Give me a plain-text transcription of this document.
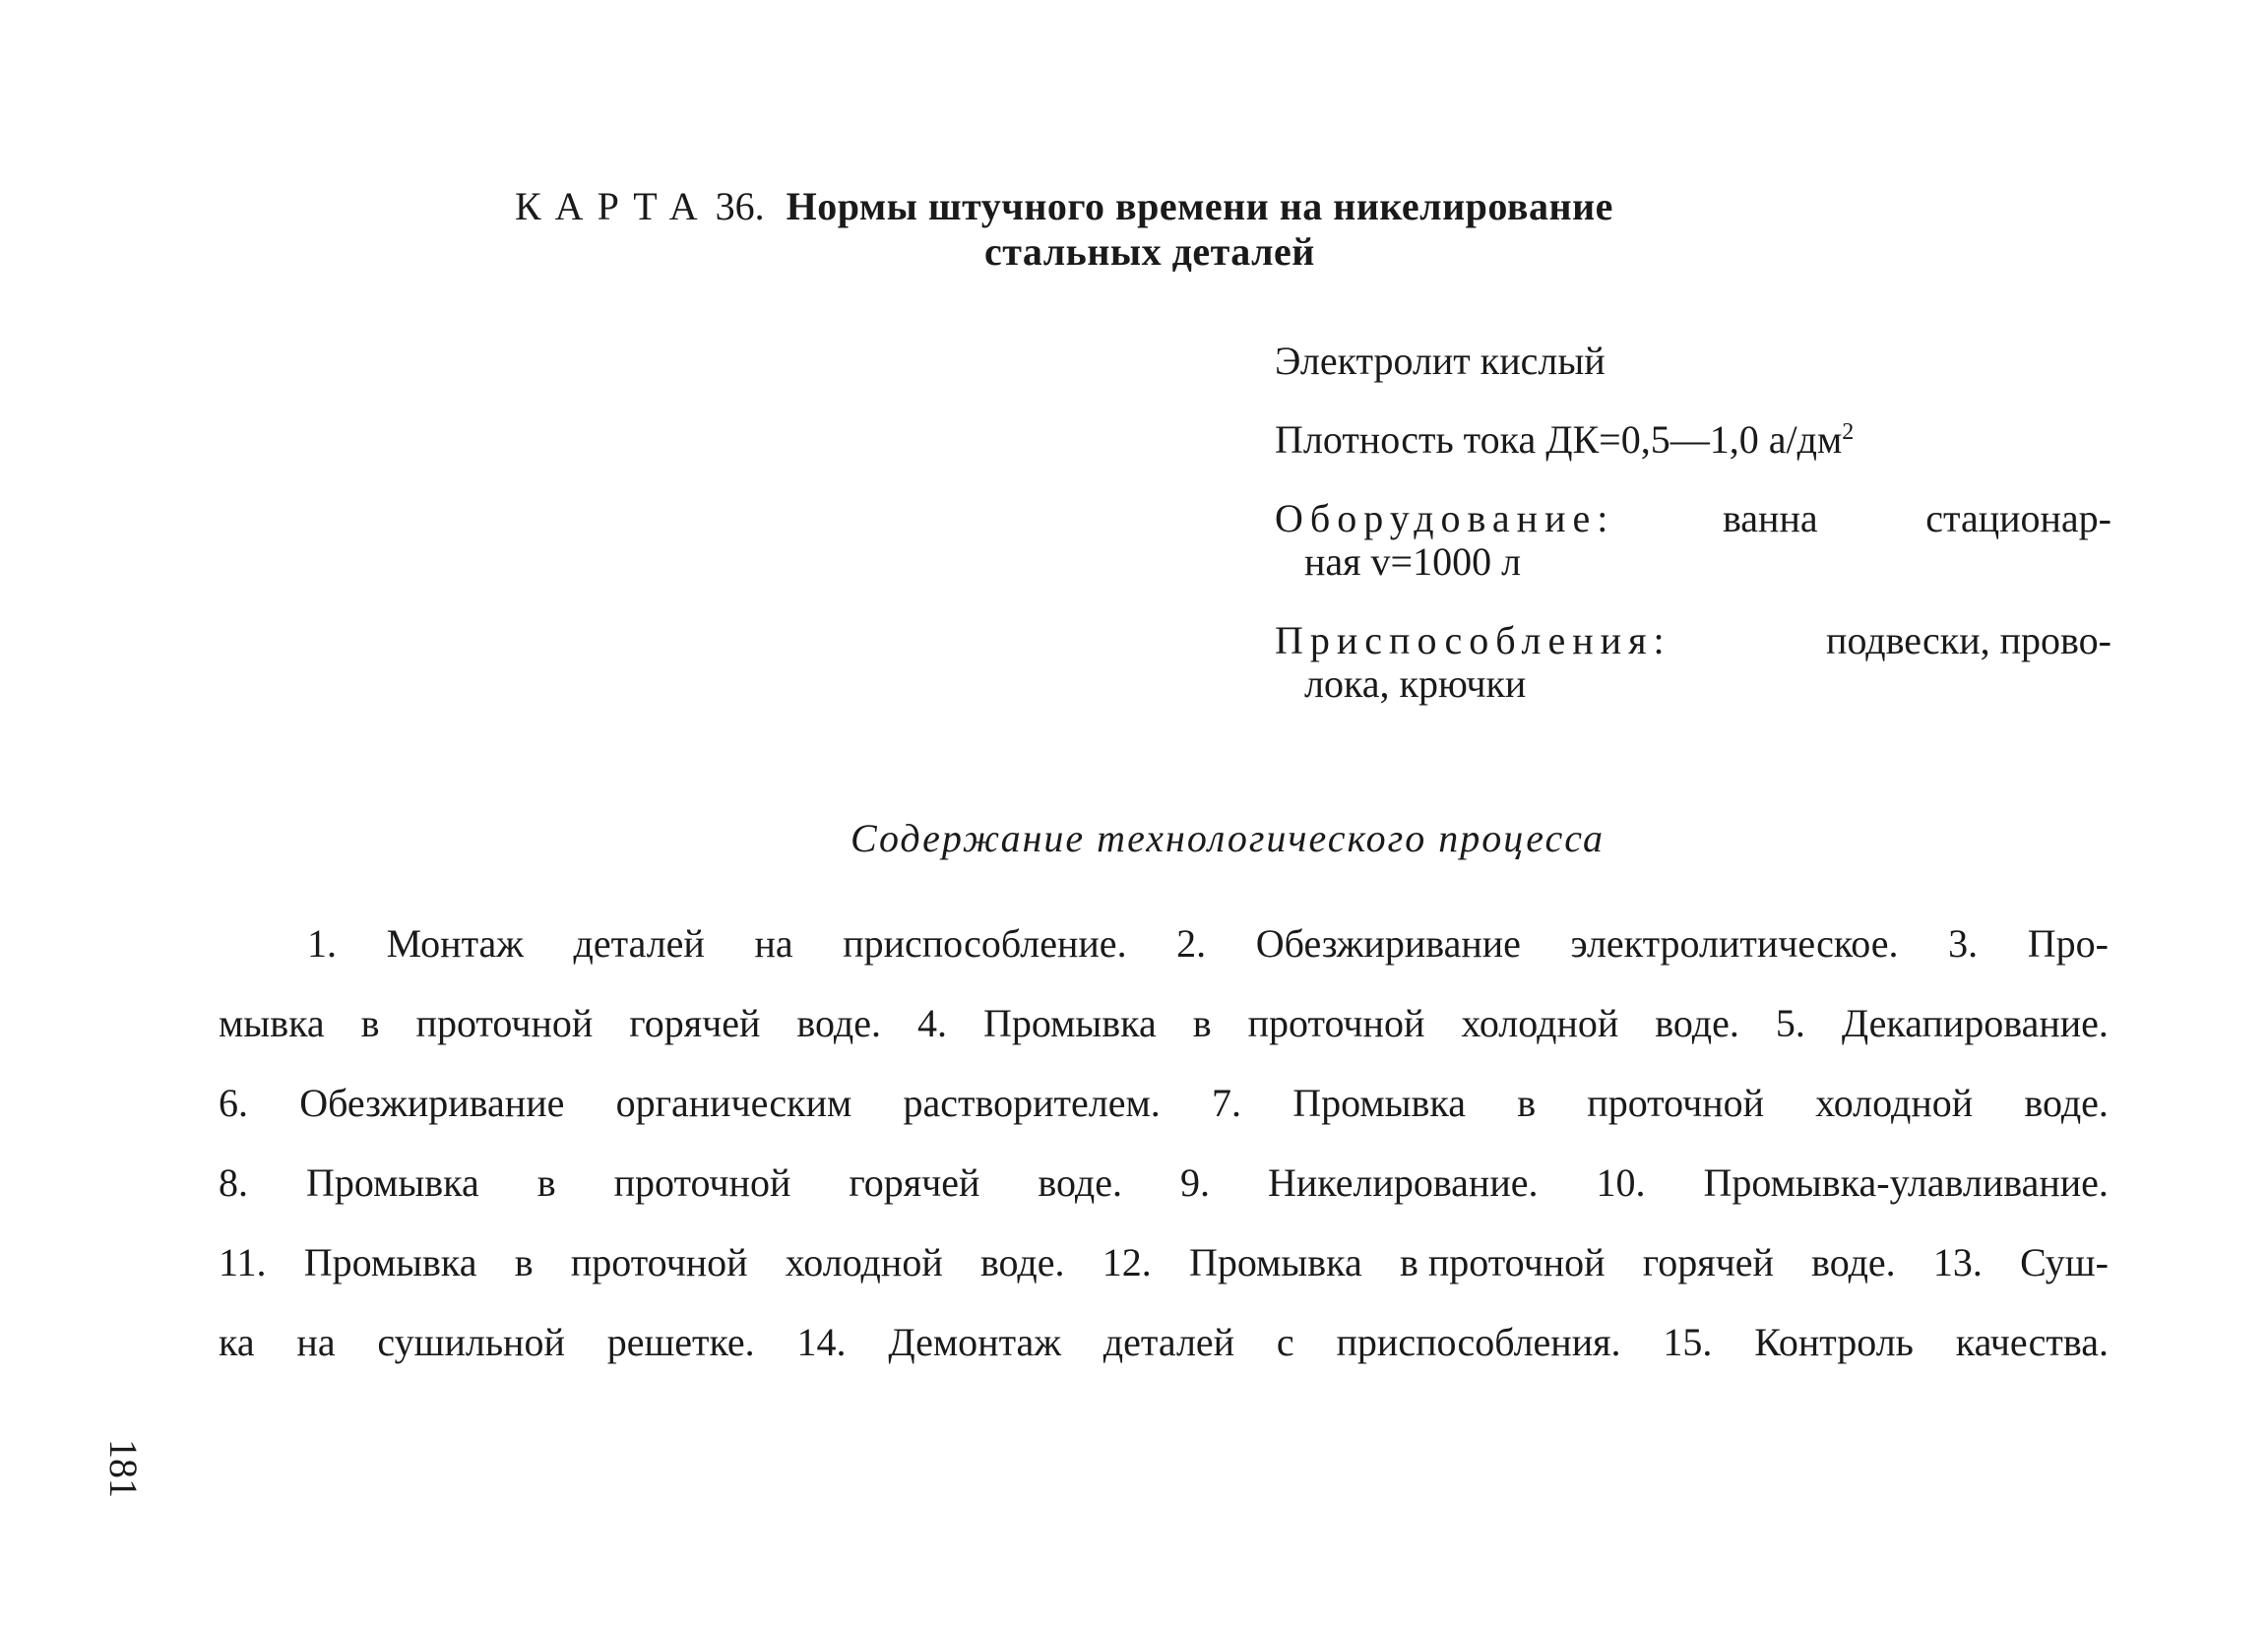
КАРТА 36. Нормы штучного времени на никелирование
стальных деталей

Электролит кислый

Плотность тока ДК=0,5—1,0 $а/дм^2$

Оборудование:	ванна	стационар-
ная v=1000 л
Приспособления:	подвески, прово-
лока, крючки
Содержание технологического процесса
1. Монтаж деталей на приспособление. 2. Обезжиривание электролитическое. 3. Про-
мывка в проточной горячей воде. 4. Промывка в проточной холодной воде. 5. Декапирование.
6. Обезжиривание органическим растворителем. 7. Промывка в проточной холодной воде.
8. Промывка в проточной горячей воде. 9. Никелирование. 10. Промывка-улавливание.
11. Промывка в проточной холодной воде. 12. Промывка в проточной горячей воде. 13. Суш-
ка на сушильной решетке. 14. Демонтаж деталей с приспособления. 15. Контроль качества.
181
